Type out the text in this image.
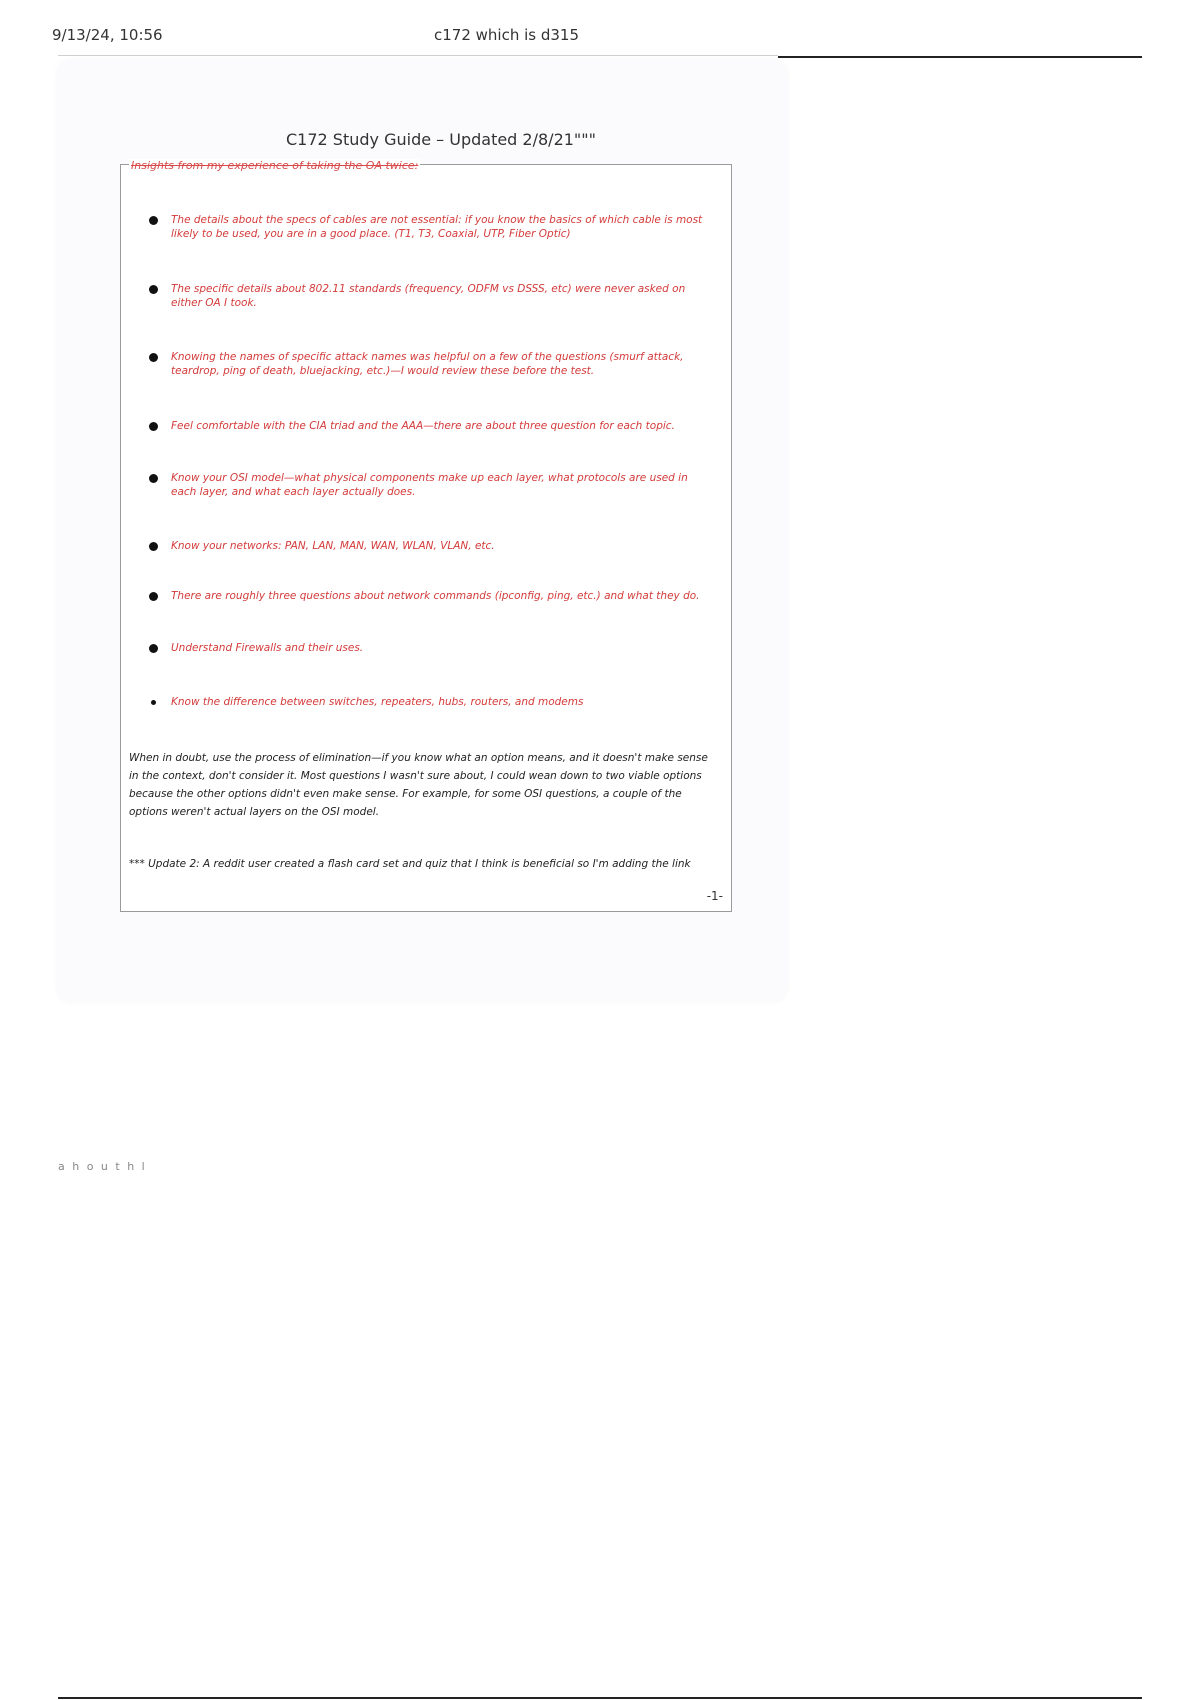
9/13/24, 10:56	c172 which is d315
C172 Study Guide – Updated 2/8/21"""
Insights from my experience of taking the OA twice:
The details about the specs of cables are not essential: if you know the basics of which cable is most likely to be used, you are in a good place. (T1, T3, Coaxial, UTP, Fiber Optic)
The specific details about 802.11 standards (frequency, ODFM vs DSSS, etc) were never asked on either OA I took.
Knowing the names of specific attack names was helpful on a few of the questions (smurf attack, teardrop, ping of death, bluejacking, etc.)—I would review these before the test.
Feel comfortable with the CIA triad and the AAA—there are about three question for each topic.
Know your OSI model—what physical components make up each layer, what protocols are used in each layer, and what each layer actually does.
Know your networks: PAN, LAN, MAN, WAN, WLAN, VLAN, etc.
There are roughly three questions about network commands (ipconfig, ping, etc.) and what they do.
Understand Firewalls and their uses.
Know the difference between switches, repeaters, hubs, routers, and modems
When in doubt, use the process of elimination—if you know what an option means, and it doesn't make sense in the context, don't consider it. Most questions I wasn't sure about, I could wean down to two viable options because the other options didn't even make sense. For example, for some OSI questions, a couple of the options weren't actual layers on the OSI model.
*** Update 2: A reddit user created a flash card set and quiz that I think is beneficial so I'm adding the link
-1-
a h o u t h l
